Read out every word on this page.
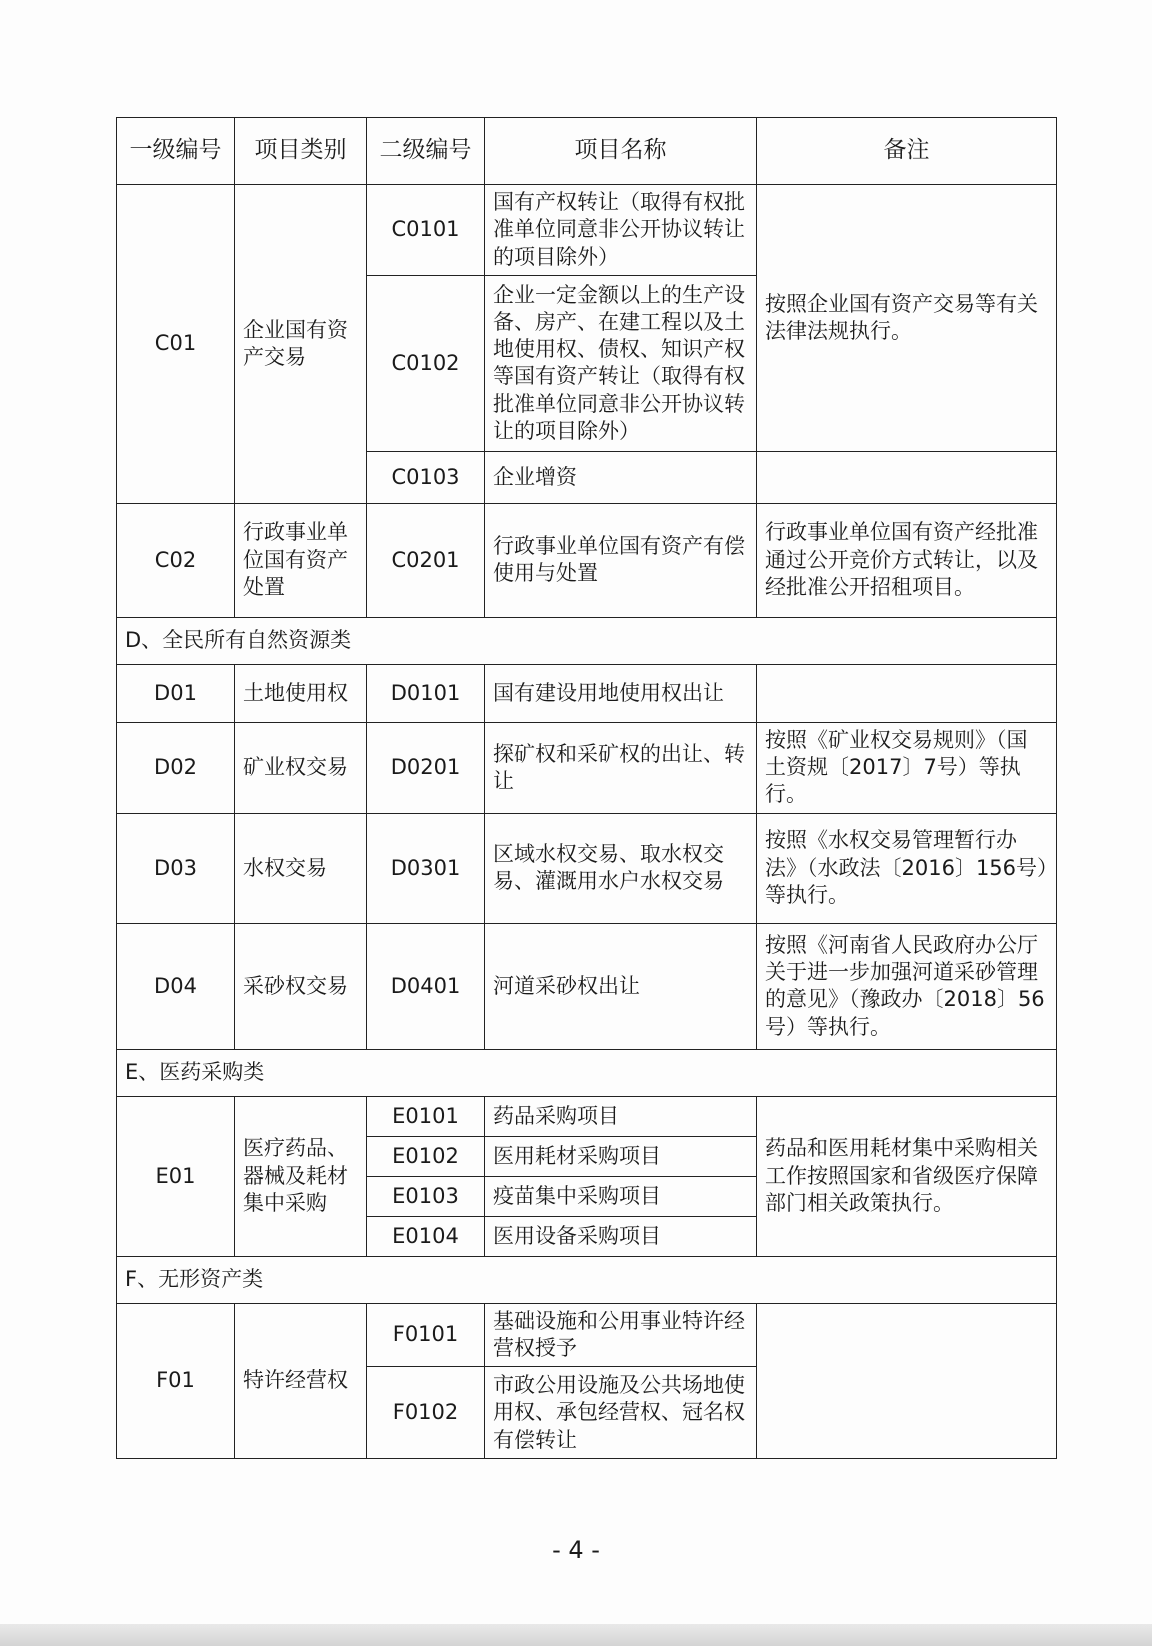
一级编号	项目类别	二级编号	项目名称	备注
C01	企业国有资产交易	C0101	国有产权转让（取得有权批准单位同意非公开协议转让的项目除外）	按照企业国有资产交易等有关法律法规执行。
		C0102	企业一定金额以上的生产设备、房产、在建工程以及土地使用权、债权、知识产权等国有资产转让（取得有权批准单位同意非公开协议转让的项目除外）	
		C0103	企业增资	
C02	行政事业单位国有资产处置	C0201	行政事业单位国有资产有偿使用与处置	行政事业单位国有资产经批准通过公开竞价方式转让，以及经批准公开招租项目。
D、全民所有自然资源类				
D01	土地使用权	D0101	国有建设用地使用权出让	
D02	矿业权交易	D0201	探矿权和采矿权的出让、转让	按照《矿业权交易规则》（国土资规〔2017〕7号）等执行。
D03	水权交易	D0301	区域水权交易、取水权交易、灌溉用水户水权交易	按照《水权交易管理暂行办法》（水政法〔2016〕156号）等执行。
D04	采砂权交易	D0401	河道采砂权出让	按照《河南省人民政府办公厅关于进一步加强河道采砂管理的意见》（豫政办〔2018〕56号）等执行。
E、医药采购类				
E01	医疗药品、器械及耗材集中采购	E0101	药品采购项目	药品和医用耗材集中采购相关工作按照国家和省级医疗保障部门相关政策执行。
		E0102	医用耗材采购项目	
		E0103	疫苗集中采购项目	
		E0104	医用设备采购项目	
F、无形资产类				
F01	特许经营权	F0101	基础设施和公用事业特许经营权授予	
		F0102	市政公用设施及公共场地使用权、承包经营权、冠名权有偿转让	
- 4 -
